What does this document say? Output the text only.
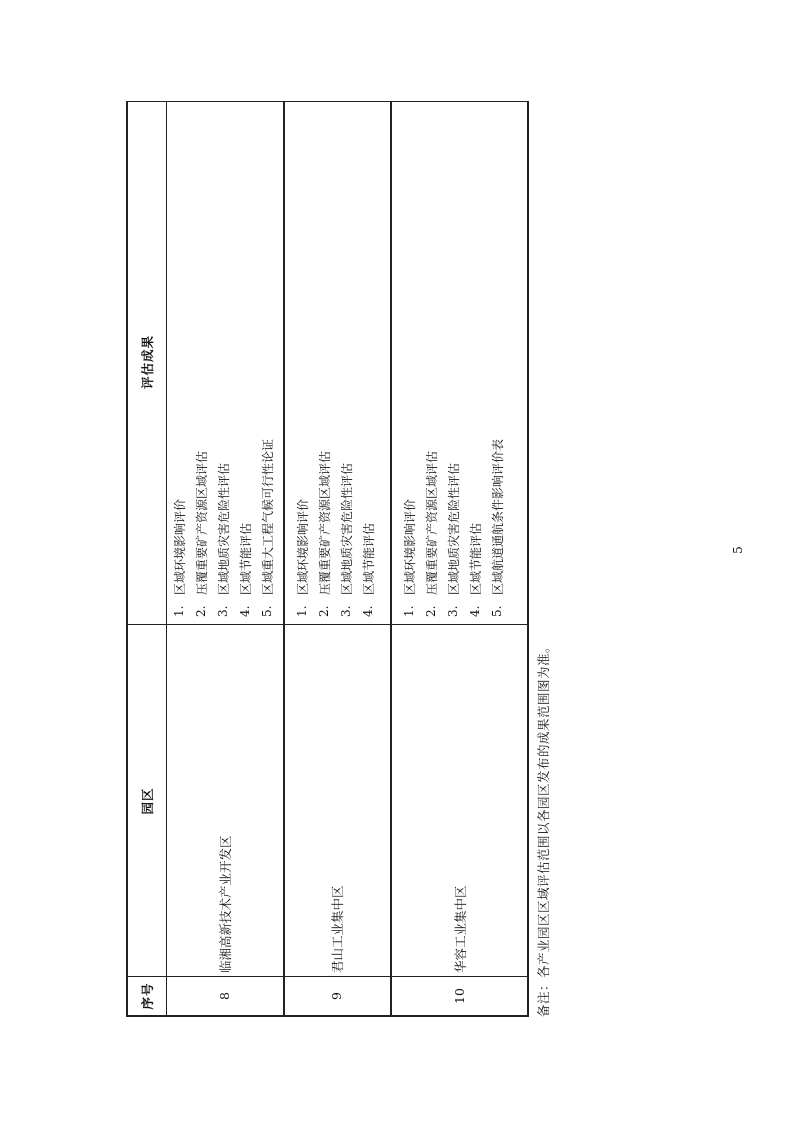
序号
园区
评估成果
8
临湘高新技术产业开发区
1.
区域环境影响评价
2.
压覆重要矿产资源区域评估
3.
区域地质灾害危险性评估
4.
区域节能评估
5.
区域重大工程气候可行性论证
9
君山工业集中区
1.
区域环境影响评价
2.
压覆重要矿产资源区域评估
3.
区域地质灾害危险性评估
4.
区域节能评估
10
华容工业集中区
1.
区域环境影响评价
2.
压覆重要矿产资源区域评估
3.
区域地质灾害危险性评估
4.
区域节能评估
5.
区域航道通航条件影响评价表
备注：各产业园区区域评估范围以各园区发布的成果范围图为准。
5
